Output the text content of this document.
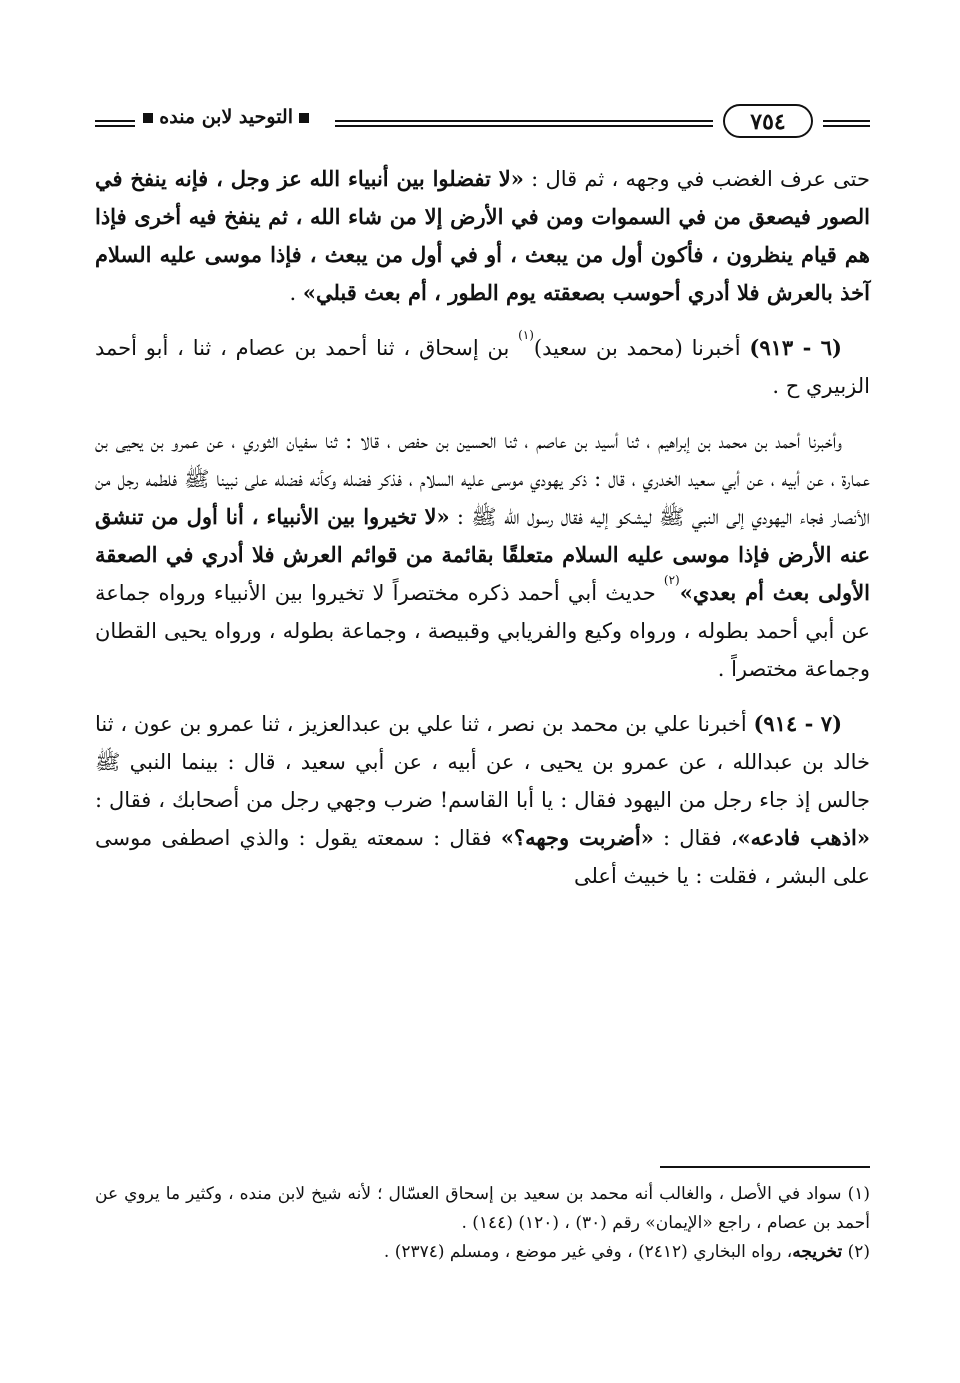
التوحيد لابن منده	٧٥٤

حتى عرف الغضب في وجهه ، ثم قال : «لا تفضلوا بين أنبياء الله عز وجل ، فإنه ينفخ في الصور فيصعق من في السموات ومن في الأرض إلا من شاء الله ، ثم ينفخ فيه أخرى فإذا هم قيام ينظرون ، فأكون أول من يبعث ، أو في أول من يبعث ، فإذا موسى عليه السلام آخذ بالعرش فلا أدري أحوسب بصعقته يوم الطور ، أم بعث قبلي» .

(٦ - ٩١٣) أخبرنا (محمد بن سعيد)$^{(١)}$ بن إسحاق ، ثنا أحمد بن عصام ، ثنا ، أبو أحمد الزبيري ح .

وأخبرنا أحمد بن محمد بن إبراهيم ، ثنا أسيد بن عاصم ، ثنا الحسين بن حفص ، قالا : ثنا سفيان الثوري ، عن عمرو بن يحيى بن عمارة ، عن أبيه ، عن أبي سعيد الخدري ، قال : ذكر يهودي موسى عليه السلام ، فذكر فضله وكأنه فضله على نبينا ﷺ فلطمه رجل من الأنصار فجاء اليهودي إلى النبي ﷺ ليشكو إليه فقال رسول الله ﷺ : «لا تخيروا بين الأنبياء ، أنا أول من تنشق عنه الأرض فإذا موسى عليه السلام متعلقًا بقائمة من قوائم العرش فلا أدري في الصعقة الأولى بعث أم بعدي»$^{(٢)}$ حديث أبي أحمد ذكره مختصراً لا تخيروا بين الأنبياء ورواه جماعة عن أبي أحمد بطوله ، ورواه وكيع والفريابي وقبيصة ، وجماعة بطوله ، ورواه يحيى القطان وجماعة مختصراً .

(٧ - ٩١٤) أخبرنا علي بن محمد بن نصر ، ثنا علي بن عبدالعزيز ، ثنا عمرو بن عون ، ثنا خالد بن عبدالله ، عن عمرو بن يحيى ، عن أبيه ، عن أبي سعيد ، قال : بينما النبي ﷺ جالس إذ جاء رجل من اليهود فقال : يا أبا القاسم! ضرب وجهي رجل من أصحابك ، فقال : «اذهب فادعه»، فقال : «أضربت وجهه؟» فقال : سمعته يقول : والذي اصطفى موسى على البشر ، فقلت : يا خبيث أعلى

(١) سواد في الأصل ، والغالب أنه محمد بن سعيد بن إسحاق العسّال ؛ لأنه شيخ لابن منده ، وكثير ما يروي عن أحمد بن عصام ، راجع «الإيمان» رقم (٣٠) ، (١٢٠) (١٤٤) .

(٢) تخريجه، رواه البخاري (٢٤١٢) ، وفي غير موضع ، ومسلم (٢٣٧٤) .
